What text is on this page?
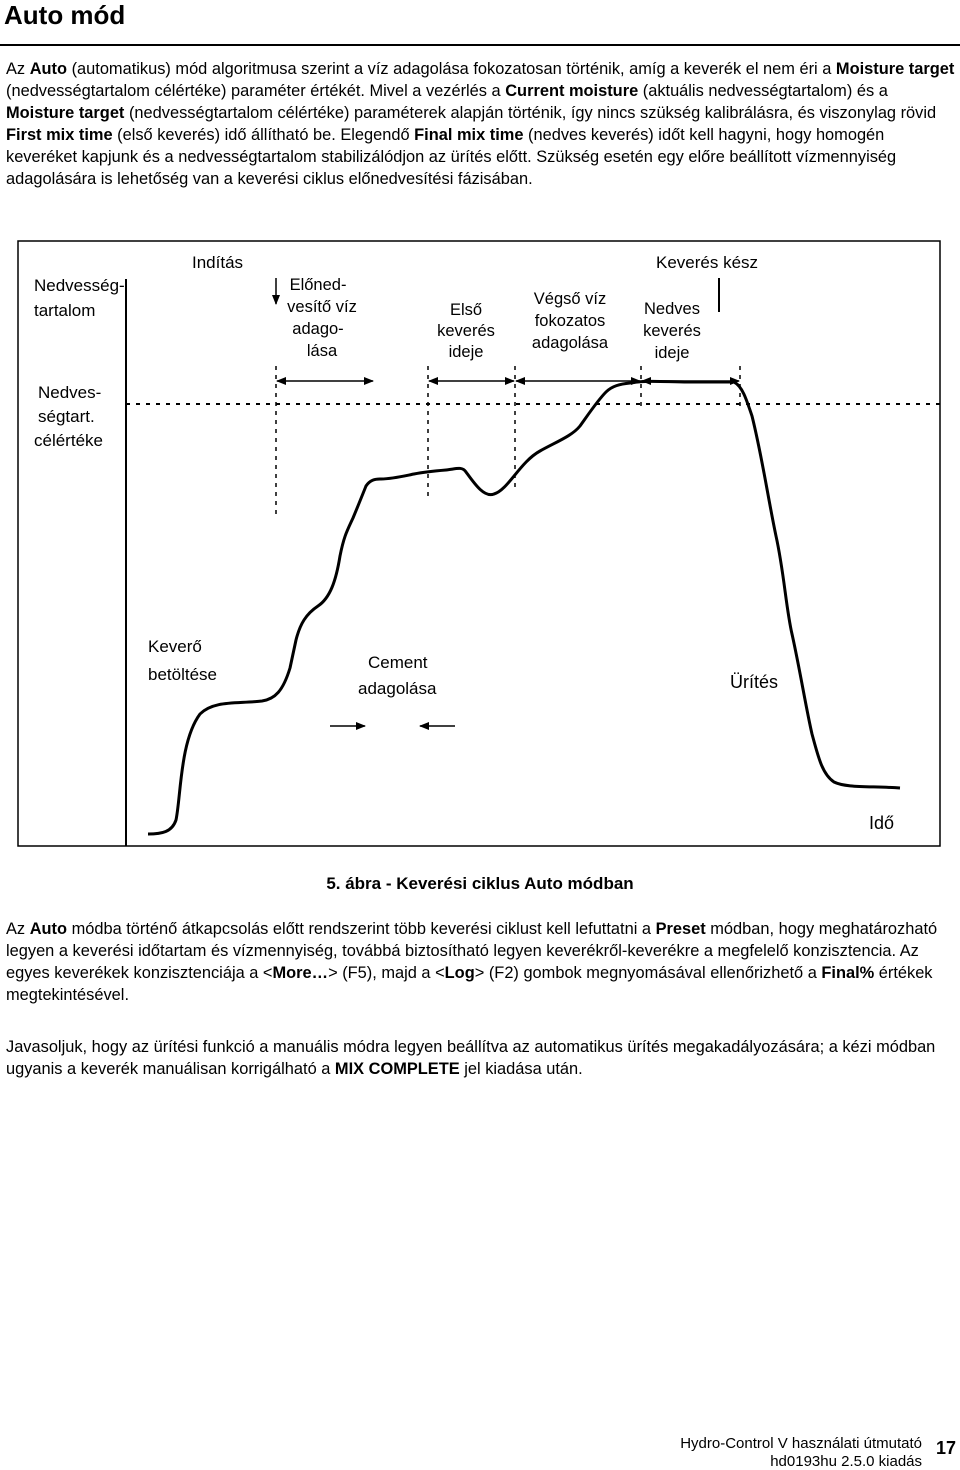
Auto mód

Az Auto (automatikus) mód algoritmusa szerint a víz adagolása fokozatosan történik, amíg a keverék el nem éri a Moisture target (nedvességtartalom célértéke) paraméter értékét. Mivel a vezérlés a Current moisture (aktuális nedvességtartalom) és a Moisture target (nedvességtartalom célértéke) paraméterek alapján történik, így nincs szükség kalibrálásra, és viszonylag rövid First mix time (első keverés) idő állítható be. Elegendő Final mix time (nedves keverés) időt kell hagyni, hogy homogén keveréket kapjunk és a nedvességtartalom stabilizálódjon az ürítés előtt. Szükség esetén egy előre beállított vízmennyiség adagolására is lehetőség van a keverési ciklus előnedvesítési fázisában.

Nedvesség-
tartalom
Nedves-
ségtart.
célértéke
Indítás	Keverés kész
Előned-
vesítő víz
adago-
lása
Első
keverés
ideje
Végső víz
fokozatos
adagolása
Nedves
keverés
ideje
Keverő
betöltése
Cement
adagolása	Ürítés
Idő
5. ábra - Keverési ciklus Auto módban

Az Auto módba történő átkapcsolás előtt rendszerint több keverési ciklust kell lefuttatni a Preset módban, hogy meghatározható legyen a keverési időtartam és vízmennyiség, továbbá biztosítható legyen keverékről-keverékre a megfelelő konzisztencia. Az egyes keverékek konzisztenciája a <More…> (F5), majd a <Log> (F2) gombok megnyomásával ellenőrizhető a Final% értékek megtekintésével.

Javasoljuk, hogy az ürítési funkció a manuális módra legyen beállítva az automatikus ürítés megakadályozására; a kézi módban ugyanis a keverék manuálisan korrigálható a MIX COMPLETE jel kiadása után.

Hydro-Control V használati útmutató
hd0193hu 2.5.0 kiadás
17
